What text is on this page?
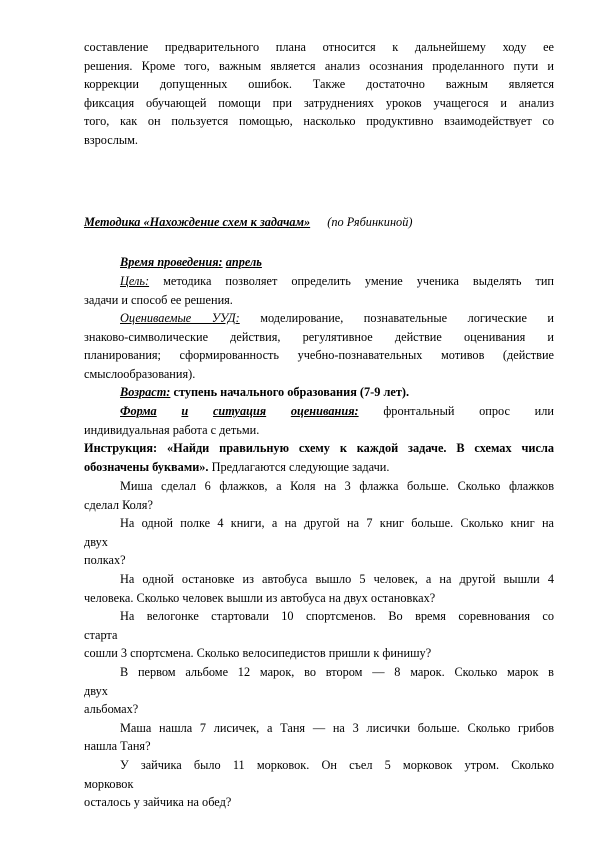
составление предварительного плана относится к дальнейшему ходу ее
решения. Кроме того, важным является анализ осознания проделанного пути и
коррекции допущенных ошибок. Также достаточно важным является
фиксация обучающей помощи при затруднениях уроков учащегося и анализ
того, как он пользуется помощью, насколько продуктивно взаимодействует со
взрослым.
Методика «Нахождение схем к задачам» (по Рябинкиной)
Время проведения: апрель
Цель: методика позволяет определить умение ученика выделять тип
задачи и способ ее решения.
Оцениваемые УУД: моделирование, познавательные логические и
знаково-символические действия, регулятивное действие оценивания и
планирования; сформированность учебно-познавательных мотивов (действие
смыслообразования).
Возраст: ступень начального образования (7-9 лет).
Форма и ситуация оценивания: фронтальный опрос или
индивидуальная работа с детьми.
Инструкция: «Найди правильную схему к каждой задаче. В схемах числа
обозначены буквами». Предлагаются следующие задачи.
Миша сделал 6 флажков, а Коля на 3 флажка больше. Сколько флажков
сделал Коля?
На одной полке 4 книги, а на другой на 7 книг больше. Сколько книг на
двух
полках?
На одной остановке из автобуса вышло 5 человек, а на другой вышли 4
человека. Сколько человек вышли из автобуса на двух остановках?
На велогонке стартовали 10 спортсменов. Во время соревнования со
старта
сошли 3 спортсмена. Сколько велосипедистов пришли к финишу?
В первом альбоме 12 марок, во втором — 8 марок. Сколько марок в
двух
альбомах?
Маша нашла 7 лисичек, а Таня — на 3 лисички больше. Сколько грибов
нашла Таня?
У зайчика было 11 морковок. Он съел 5 морковок утром. Сколько
морковок
осталось у зайчика на обед?
